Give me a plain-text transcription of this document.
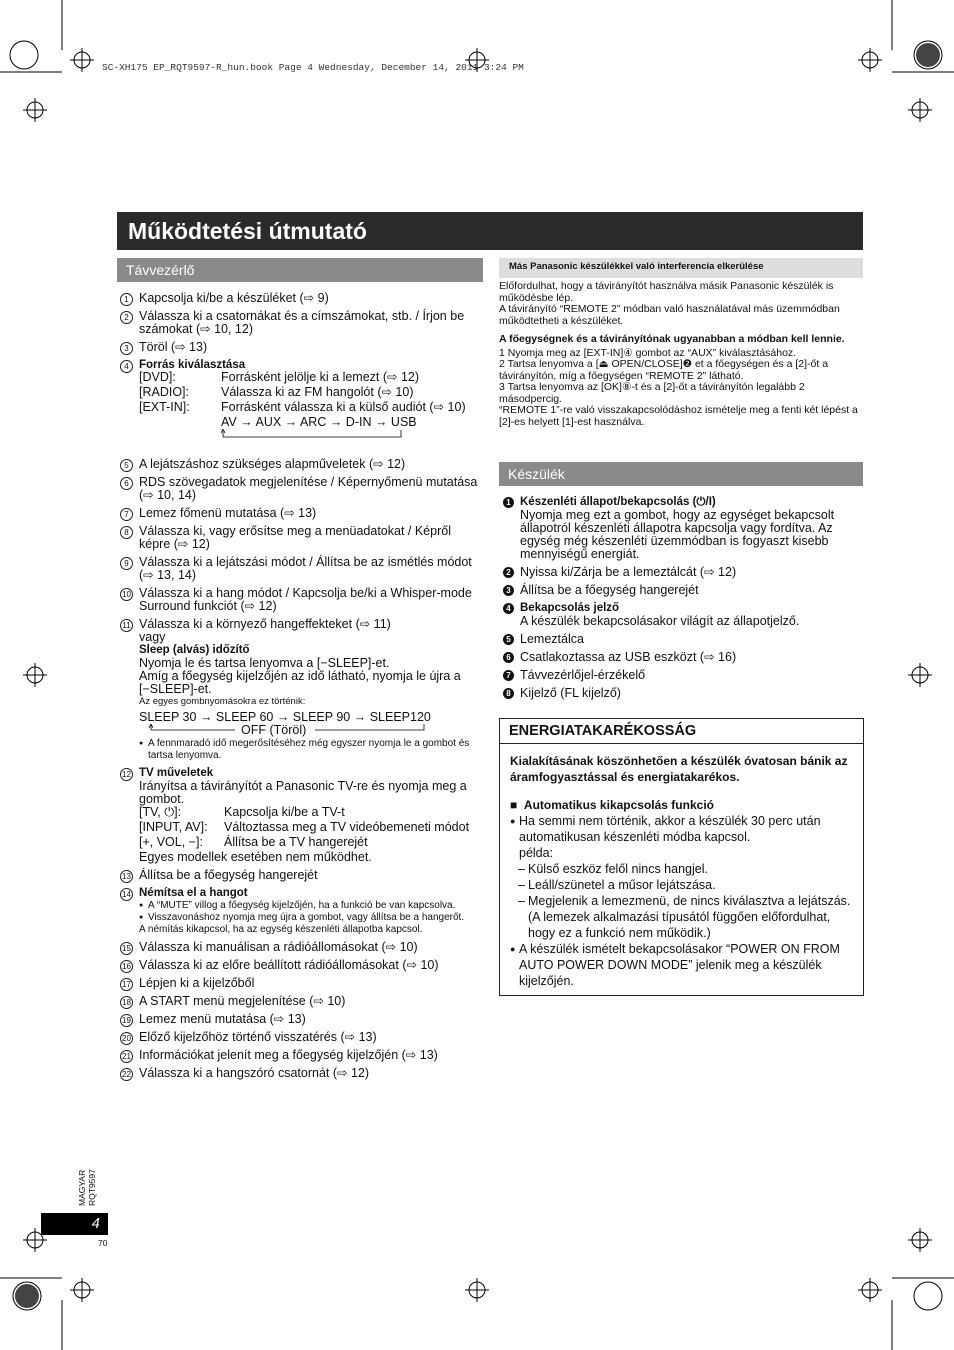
SC-XH175 EP_RQT9597-R_hun.book Page 4 Wednesday, December 14, 2011 3:24 PM
Működtetési útmutató
Távvezérlő
1 Kapcsolja ki/be a készüléket (⇨ 9)
2 Válassza ki a csatornákat és a címszámokat, stb. / Írjon be számokat (⇨ 10, 12)
3 Töröl (⇨ 13)
4 Forrás kiválasztása
[DVD]:	Forrásként jelölje ki a lemezt (⇨ 12)
[RADIO]:	Válassza ki az FM hangolót (⇨ 10)
[EXT-IN]:	Forrásként válassza ki a külső audiót (⇨ 10)
AV → AUX → ARC → D-IN → USB
5 A lejátszáshoz szükséges alapműveletek (⇨ 12)
6 RDS szövegadatok megjelenítése / Képernyőmenü mutatása (⇨ 10, 14)
7 Lemez főmenü mutatása (⇨ 13)
8 Válassza ki, vagy erősítse meg a menüadatokat / Képről képre (⇨ 12)
9 Válassza ki a lejátszási módot / Állítsa be az ismétlés módot (⇨ 13, 14)
10 Válassza ki a hang módot / Kapcsolja be/ki a Whisper-mode Surround funkciót (⇨ 12)
11 Válassza ki a környező hangeffekteket (⇨ 11)
vagy
Sleep (alvás) időzítő
Nyomja le és tartsa lenyomva a [−SLEEP]-et.
Amíg a főegység kijelzőjén az idő látható, nyomja le újra a [−SLEEP]-et.
Az egyes gombnyomásokra ez történik:
SLEEP 30 → SLEEP 60 → SLEEP 90 → SLEEP120
OFF (Töröl)
● A fennmaradó idő megerősítéséhez még egyszer nyomja le a gombot és tartsa lenyomva.
12 TV műveletek
Irányítsa a távirányítót a Panasonic TV-re és nyomja meg a gombot.
[TV, ⏻]:	Kapcsolja ki/be a TV-t
[INPUT, AV]:	Változtassa meg a TV videóbemeneti módot
[+, VOL, −]:	Állítsa be a TV hangerejét
Egyes modellek esetében nem működhet.
13 Állítsa be a főegység hangerejét
14 Némítsa el a hangot
● A “MUTE” villog a főegység kijelzőjén, ha a funkció be van kapcsolva.
● Visszavonáshoz nyomja meg újra a gombot, vagy állítsa be a hangerőt.
A némítás kikapcsol, ha az egység készenléti állapotba kapcsol.
15 Válassza ki manuálisan a rádióállomásokat (⇨ 10)
16 Válassza ki az előre beállított rádióállomásokat (⇨ 10)
17 Lépjen ki a kijelzőből
18 A START menü megjelenítése (⇨ 10)
19 Lemez menü mutatása (⇨ 13)
20 Előző kijelzőhöz történő visszatérés (⇨ 13)
21 Információkat jelenít meg a főegység kijelzőjén (⇨ 13)
22 Válassza ki a hangszóró csatornát (⇨ 12)
Más Panasonic készülékkel való interferencia elkerülése

Előfordulhat, hogy a távirányítót használva másik Panasonic készülék is működésbe lép.
A távirányító “REMOTE 2” módban való használatával más üzemmódban működtetheti a készüléket.

A főegységnek és a távirányítónak ugyanabban a módban kell lennie.

1 Nyomja meg az [EXT-IN]④ gombot az “AUX” kiválasztásához.
2 Tartsa lenyomva a [⏏ OPEN/CLOSE]❷ et a főegységen és a [2]-őt a távirányítón, míg a főegységen “REMOTE 2” látható.
3 Tartsa lenyomva az [OK]⑧-t és a [2]-őt a távirányítón legalább 2 másodpercig.
“REMOTE 1”-re való visszakapcsolódáshoz ismételje meg a fenti két lépést a [2]-es helyett [1]-est használva.
Készülék
1 Készenléti állapot/bekapcsolás (⏻/I)
Nyomja meg ezt a gombot, hogy az egységet bekapcsolt állapotról készenléti állapotra kapcsolja vagy fordítva. Az egység még készenléti üzemmódban is fogyaszt kisebb mennyiségű energiát.
2 Nyissa ki/Zárja be a lemeztálcát (⇨ 12)
3 Állítsa be a főegység hangerejét
4 Bekapcsolás jelző
A készülék bekapcsolásakor világít az állapotjelző.
5 Lemeztálca
6 Csatlakoztassa az USB eszközt (⇨ 16)
7 Távvezérlőjel-érzékelő
8 Kijelző (FL kijelző)
ENERGIATAKARÉKOSSÁG
Kialakításának köszönhetően a készülék óvatosan bánik az áramfogyasztással és energiatakarékos.
■  Automatikus kikapcsolás funkció
● Ha semmi nem történik, akkor a készülék 30 perc után automatikusan készenléti módba kapcsol.
példa:
– Külső eszköz felől nincs hangjel.
– Leáll/szünetel a műsor lejátszása.
– Megjelenik a lemezmenü, de nincs kiválasztva a lejátszás. (A lemezek alkalmazási típusától függően előfordulhat, hogy ez a funkció nem működik.)
● A készülék ismételt bekapcsolásakor “POWER ON FROM AUTO POWER DOWN MODE” jelenik meg a készülék kijelzőjén.
MAGYAR RQT9597
4
70
